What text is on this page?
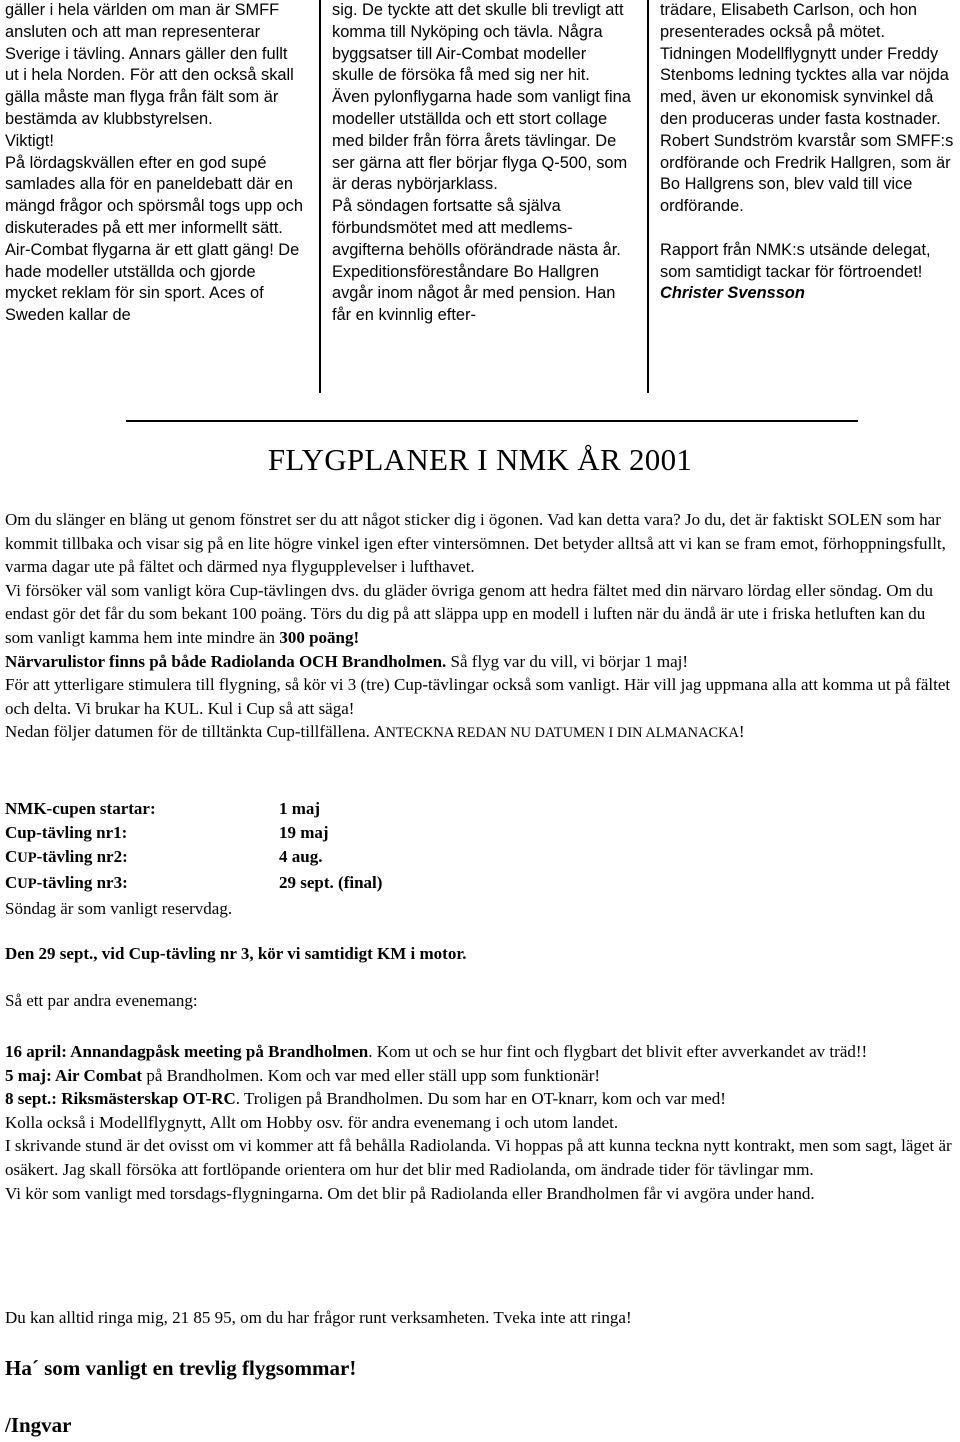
gäller i hela världen om man är SMFF ansluten och att man representerar Sverige i tävling. Annars gäller den fullt ut i hela Norden. För att den också skall gälla måste man flyga från fält som är bestämda av klubbstyrelsen.

Viktigt!

På lördagskvällen efter en god supé samlades alla för en paneldebatt där en mängd frågor och spörsmål togs upp och diskuterades på ett mer informellt sätt.

Air-Combat flygarna är ett glatt gäng! De hade modeller utställda och gjorde mycket reklam för sin sport. Aces of Sweden kallar de

sig. De tyckte att det skulle bli trevligt att komma till Nyköping och tävla. Några byggsatser till Air-Combat modeller skulle de försöka få med sig ner hit.

Även pylonflygarna hade som vanligt fina modeller utställda och ett stort collage med bilder från förra årets tävlingar. De ser gärna att fler börjar flyga Q-500, som är deras nybörjarklass.

På söndagen fortsatte så själva förbundsmötet med att medlems-avgifterna behölls oförändrade nästa år.

Expeditionsföreståndare Bo Hallgren avgår inom något år med pension. Han får en kvinnlig efter-

trädare, Elisabeth Carlson, och hon presenterades också på mötet.

Tidningen Modellflygnytt under Freddy Stenboms ledning tycktes alla var nöjda med, även ur ekonomisk synvinkel då den produceras under fasta kostnader.

Robert Sundström kvarstår som SMFF:s ordförande och Fredrik Hallgren, som är Bo Hallgrens son, blev vald till vice ordförande.

Rapport från NMK:s utsände delegat, som samtidigt tackar för förtroendet!

Christer Svensson

FLYGPLANER I NMK ÅR 2001

Om du slänger en bläng ut genom fönstret ser du att något sticker dig i ögonen. Vad kan detta vara? Jo du, det är faktiskt SOLEN som har kommit tillbaka och visar sig på en lite högre vinkel igen efter vintersömnen. Det betyder alltså att vi kan se fram emot, förhoppningsfullt, varma dagar ute på fältet och därmed nya flygupplevelser i lufthavet.

Vi försöker väl som vanligt köra Cup-tävlingen dvs. du gläder övriga genom att hedra fältet med din närvaro lördag eller söndag. Om du endast gör det får du som bekant 100 poäng. Törs du dig på att släppa upp en modell i luften när du ändå är ute i friska hetluften kan du som vanligt kamma hem inte mindre än 300 poäng!

Närvarulistor finns på både Radiolanda OCH Brandholmen. Så flyg var du vill, vi börjar 1 maj!

För att ytterligare stimulera till flygning, så kör vi 3 (tre) Cup-tävlingar också som vanligt. Här vill jag uppmana alla att komma ut på fältet och delta. Vi brukar ha KUL. Kul i Cup så att säga!

Nedan följer datumen för de tilltänkta Cup-tillfällena. ANTECKNA REDAN NU DATUMEN I DIN ALMANACKA!

NMK-cupen startar:	1 maj
Cup-tävling nr1:	19 maj
CUP-tävling nr2:	4 aug.
CUP-tävling nr3:	29 sept. (final)
Söndag är som vanligt reservdag.
Den 29 sept., vid Cup-tävling nr 3, kör vi samtidigt KM i motor.
Så ett par andra evenemang:

16 april: Annandagpåsk meeting på Brandholmen. Kom ut och se hur fint och flygbart det blivit efter avverkandet av träd!!

5 maj: Air Combat på Brandholmen. Kom och var med eller ställ upp som funktionär!

8 sept.: Riksmästerskap OT-RC. Troligen på Brandholmen. Du som har en OT-knarr, kom och var med!

Kolla också i Modellflygnytt, Allt om Hobby osv. för andra evenemang i och utom landet.

I skrivande stund är det ovisst om vi kommer att få behålla Radiolanda. Vi hoppas på att kunna teckna nytt kontrakt, men som sagt, läget är osäkert. Jag skall försöka att fortlöpande orientera om hur det blir med Radiolanda, om ändrade tider för tävlingar mm.

Vi kör som vanligt med torsdags-flygningarna. Om det blir på Radiolanda eller Brandholmen får vi avgöra under hand.

Du kan alltid ringa mig, 21 85 95, om du har frågor runt verksamheten. Tveka inte att ringa!

Ha´ som vanligt en trevlig flygsommar!
/Ingvar
